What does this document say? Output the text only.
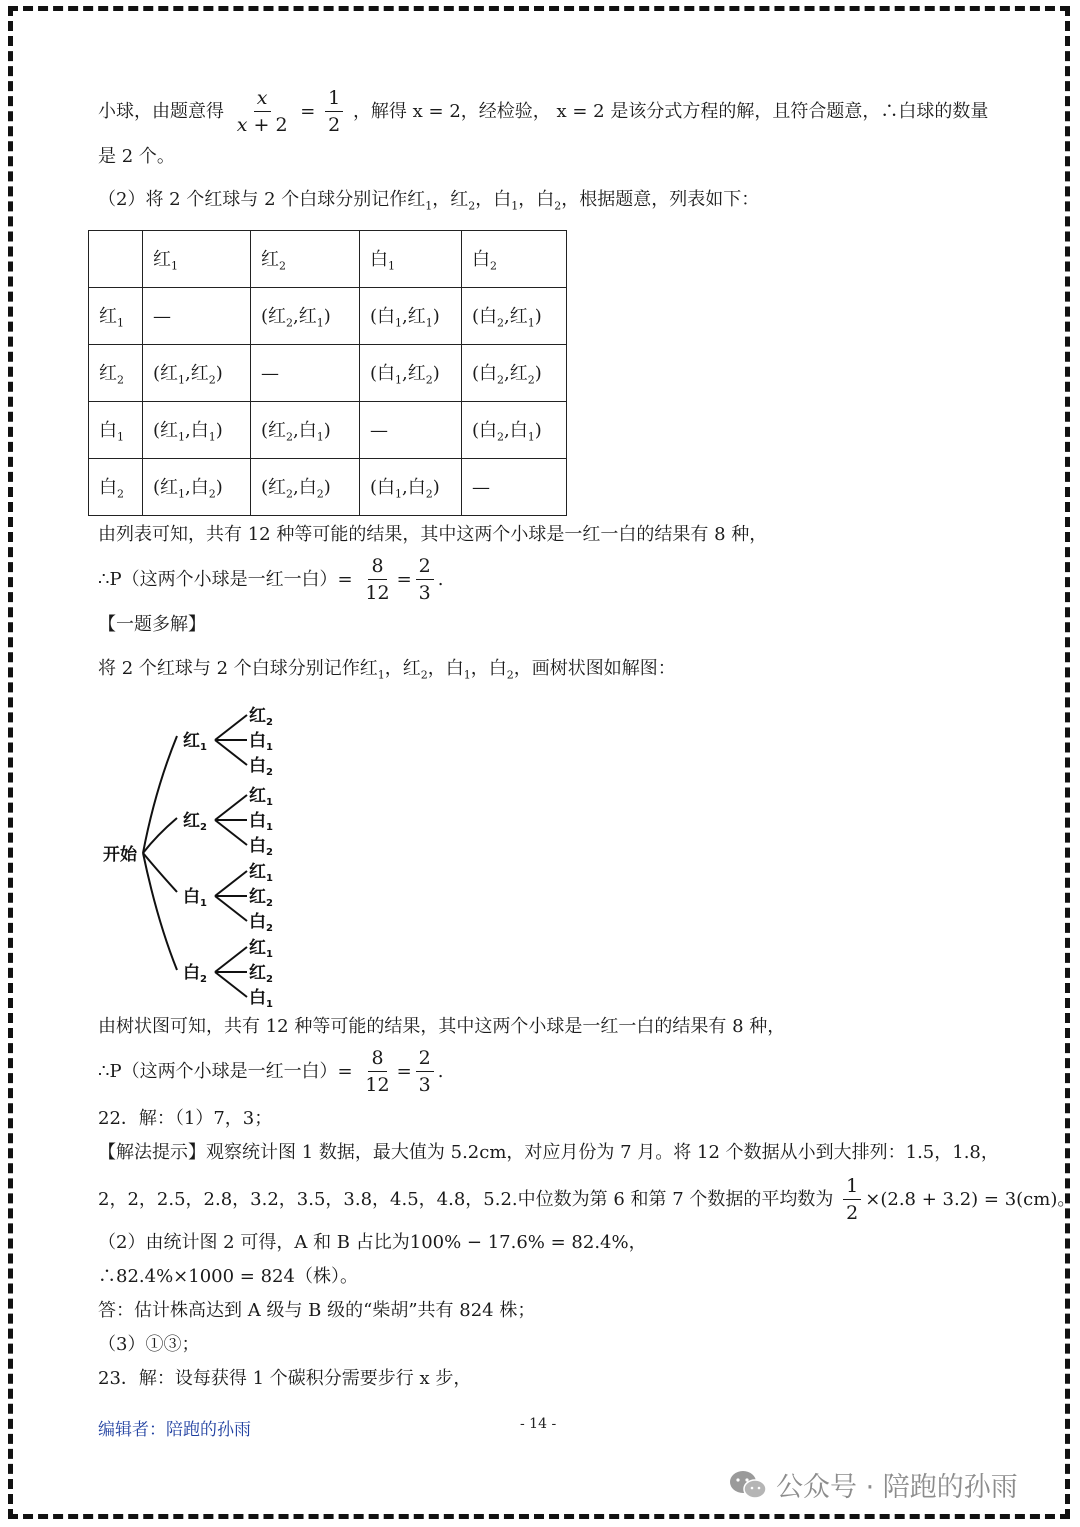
小球，由题意得 $\frac{x}{x + 2} = \frac{1}{2}$ ，解得 x = 2，经检验， x = 2 是该分式方程的解，且符合题意，∴白球的数量
是 2 个。
（2）将 2 个红球与 2 个白球分别记作红$_1$，红$_2$，白$_1$，白$_2$，根据题意，列表如下：
	红$_1$	红$_2$	白$_1$	白$_2$
红$_1$	—	(红$_2$,红$_1$)	(白$_1$,红$_1$)	(白$_2$,红$_1$)
红$_2$	(红$_1$,红$_2$)	—	(白$_1$,红$_2$)	(白$_2$,红$_2$)
白$_1$	(红$_1$,白$_1$)	(红$_2$,白$_1$)	—	(白$_2$,白$_1$)
白$_2$	(红$_1$,白$_2$)	(红$_2$,白$_2$)	(白$_1$,白$_2$)	—
由列表可知，共有 12 种等可能的结果，其中这两个小球是一红一白的结果有 8 种，
∴P（这两个小球是一红一白）= $\frac{8}{12} = \frac{2}{3}$ .
【一题多解】
将 2 个红球与 2 个白球分别记作红$_1$，红$_2$，白$_1$，白$_2$，画树状图如解图：
开始
红$_1$
红$_2$
白$_1$
白$_2$
红$_2$
红$_1$
白$_1$
白$_2$
白$_1$
红$_1$
红$_2$
白$_2$
白$_2$
红$_1$
红$_2$
白$_1$
由树状图可知，共有 12 种等可能的结果，其中这两个小球是一红一白的结果有 8 种，
∴P（这两个小球是一红一白）= $\frac{8}{12} = \frac{2}{3}$ .
22．解：（1）7，3；
【解法提示】观察统计图 1 数据，最大值为 5.2cm，对应月份为 7 月。将 12 个数据从小到大排列：1.5，1.8，
2，2，2.5，2.8，3.2，3.5，3.8，4.5，4.8，5.2.中位数为第 6 和第 7 个数据的平均数为 $\frac{1}{2} \times(2.8 + 3.2) = 3(cm)$。
（2）由统计图 2 可得，A 和 B 占比为100% − 17.6% = 82.4%，
∴82.4%×1000 = 824（株）。
答：估计株高达到 A 级与 B 级的“柴胡”共有 824 株；
（3）①③；
23．解：设每获得 1 个碳积分需要步行 x 步，
编辑者：陪跑的孙雨	- 14 -
公众号 · 陪跑的孙雨
